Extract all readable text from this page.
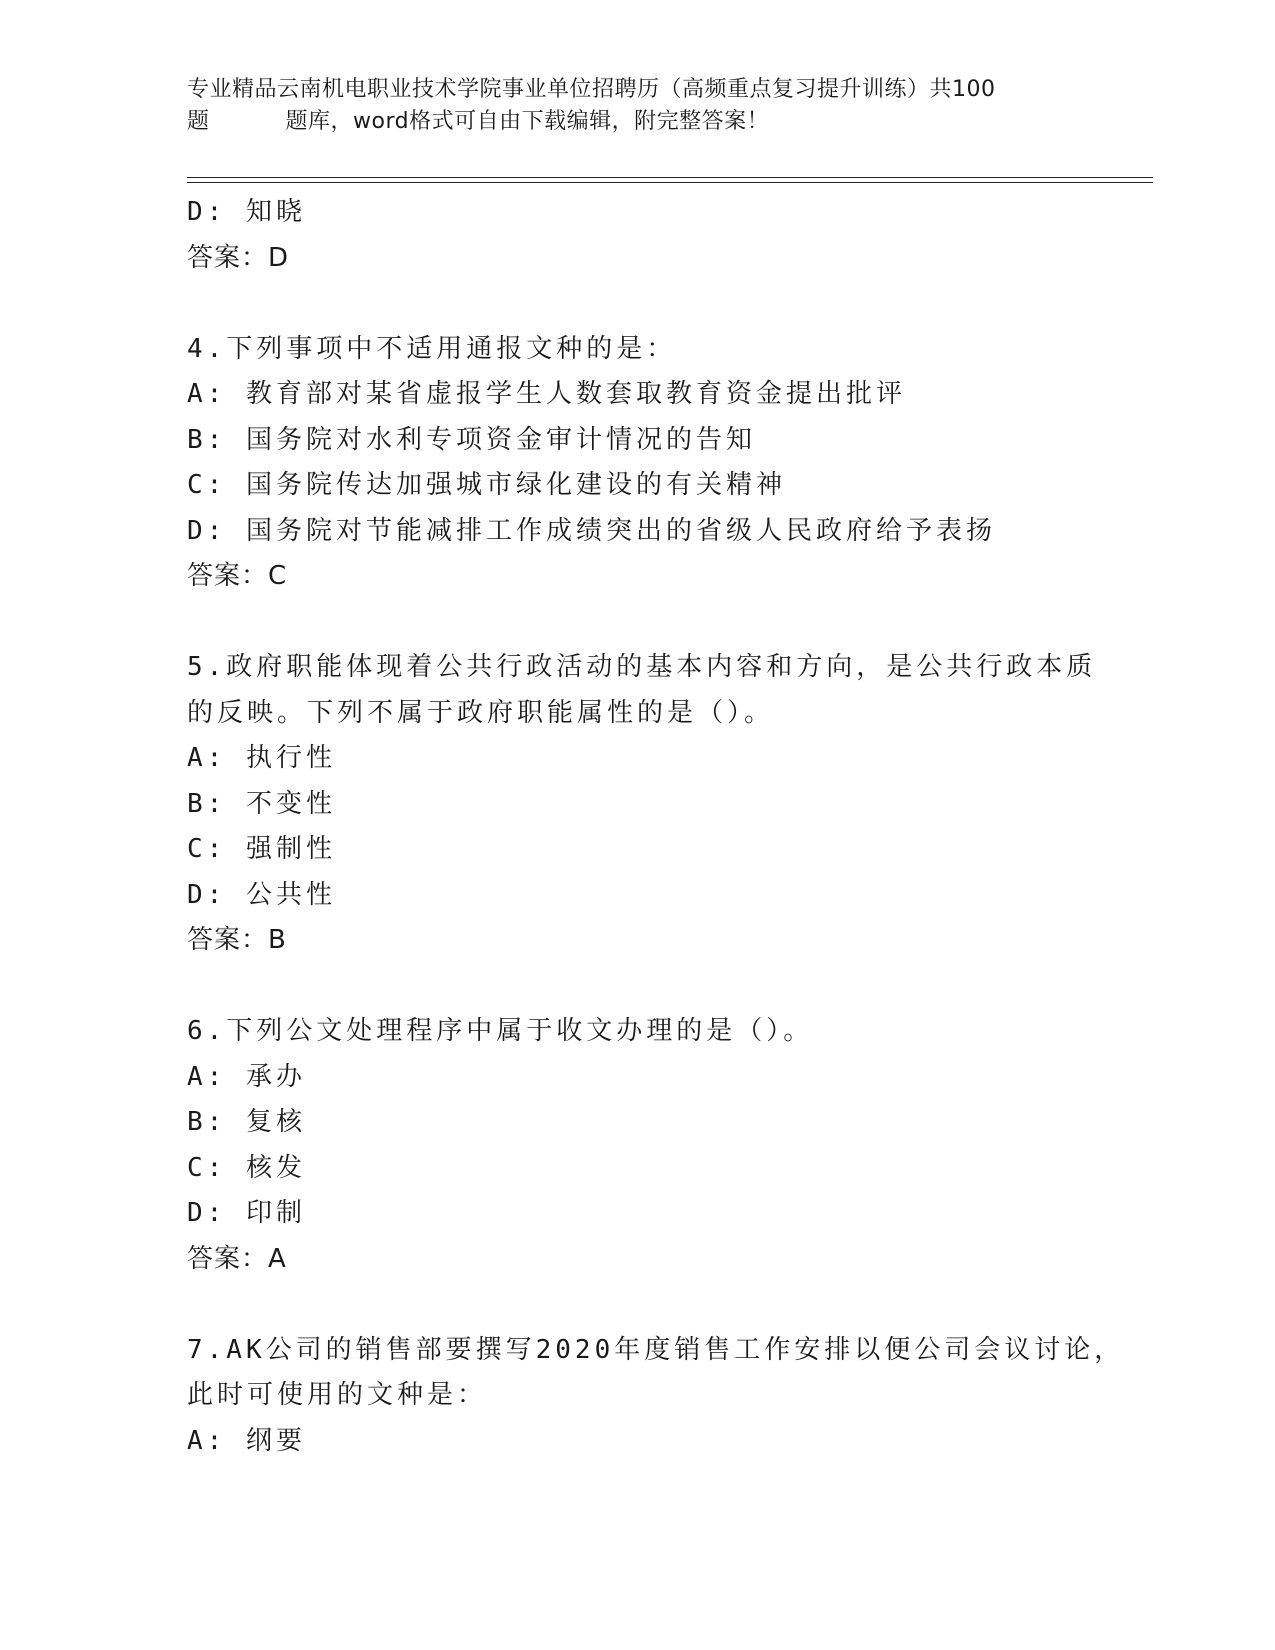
专业精品云南机电职业技术学院事业单位招聘历（高频重点复习提升训练）共100
题	题库，word格式可自由下载编辑，附完整答案！
D: 知晓
答案：D
4.下列事项中不适用通报文种的是：
A: 教育部对某省虚报学生人数套取教育资金提出批评
B: 国务院对水利专项资金审计情况的告知
C: 国务院传达加强城市绿化建设的有关精神
D: 国务院对节能减排工作成绩突出的省级人民政府给予表扬
答案：C
5.政府职能体现着公共行政活动的基本内容和方向，是公共行政本质
的反映。下列不属于政府职能属性的是（）。
A: 执行性
B: 不变性
C: 强制性
D: 公共性
答案：B
6.下列公文处理程序中属于收文办理的是（）。
A: 承办
B: 复核
C: 核发
D: 印制
答案：A
7.AK公司的销售部要撰写2020年度销售工作安排以便公司会议讨论，
此时可使用的文种是：
A: 纲要
